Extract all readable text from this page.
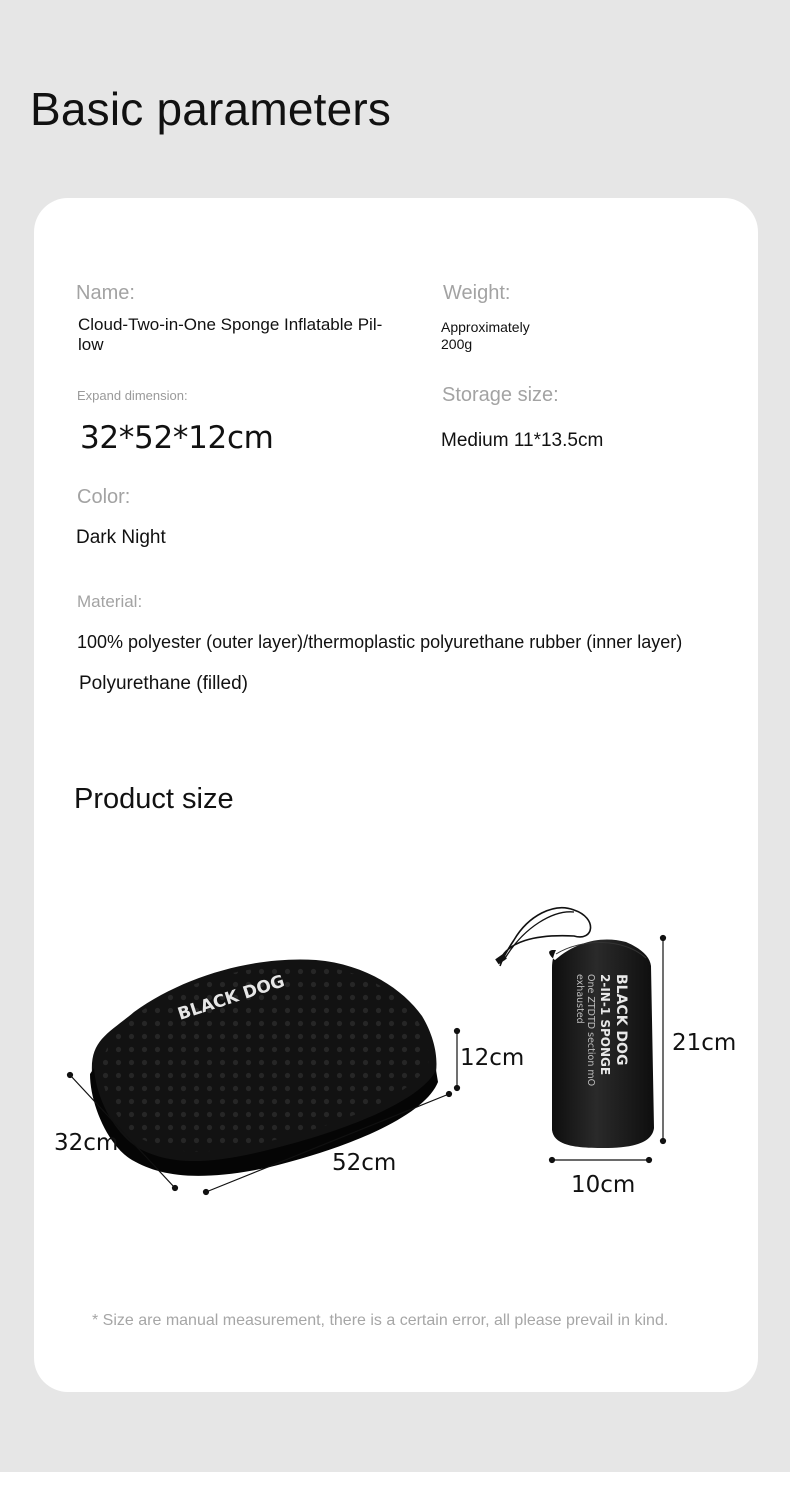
Basic parameters
Name:
Cloud-Two-in-One Sponge Inflatable Pil- low
Weight:
Approximately
200g
Expand dimension:
32*52*12cm
Storage size:
Medium 11*13.5cm
Color:
Dark Night
Material:
100% polyester (outer layer)/thermoplastic polyurethane rubber (inner layer)
Polyurethane (filled)
Product size
BLACK DOG	BLACK DOG
2-IN-1 SPONGE
One ZTDTD section mO
exhausted
32cm
52cm
12cm
21cm
10cm
* Size are manual measurement, there is a certain error, all please prevail in kind.
